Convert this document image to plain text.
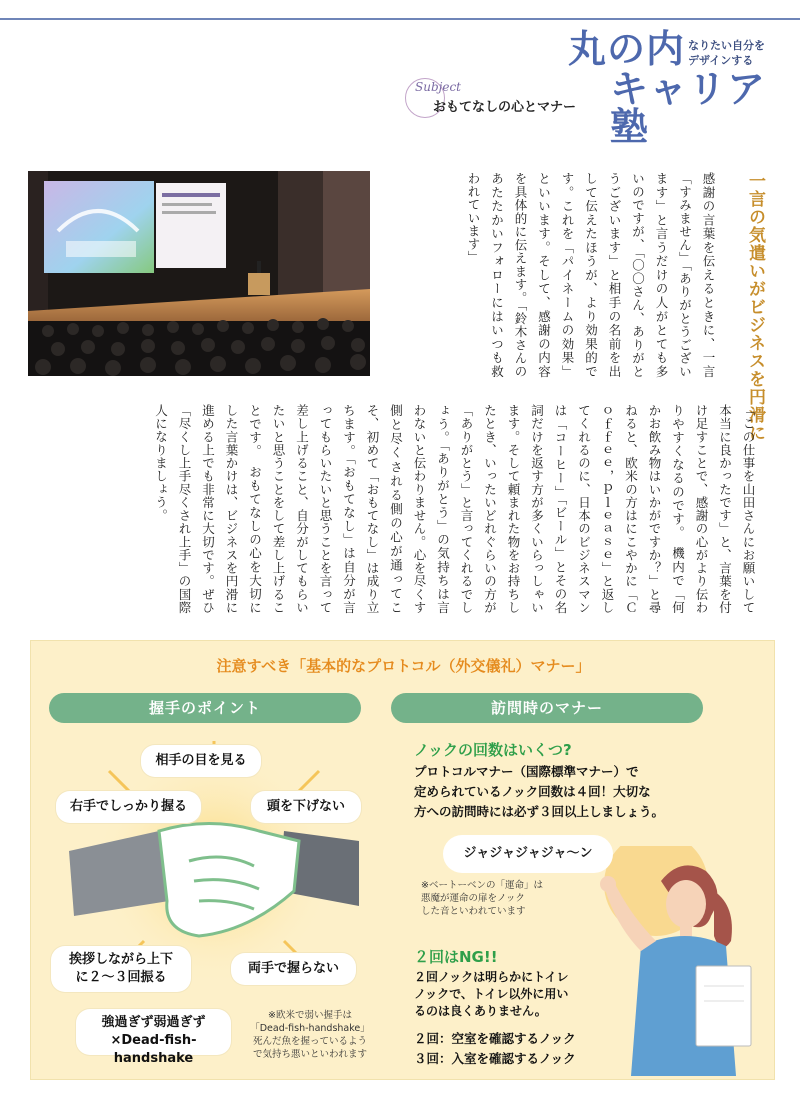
丸の内
キャリア塾
なりたい自分を
デザインする
Subject
おもてなしの心とマナー
一言の気遣いがビジネスを円滑に
感謝の言葉を伝えるときに、一言「すみません」「ありがとうございます」と言うだけの人がとても多いのですが、「〇〇さん、ありがとうございます」と相手の名前を出して伝えたほうが、より効果的です。これを「パイネームの効果」といいます。そして、感謝の内容を具体的に伝えます。「鈴木さんのあたたかいフォローにはいつも救われています」
「この仕事を山田さんにお願いして本当に良かったです」と、言葉を付け足すことで、感謝の心がより伝わりやすくなるのです。　機内で「何かお飲み物はいかがですか？」と尋ねると、欧米の方はにこやかに「Ｃｏｆｆｅｅ，ｐｌｅａｓｅ」と返してくれるのに、日本のビジネスマンは「コーヒー」「ビール」とその名詞だけを返す方が多くいらっしゃいます。そして頼まれた物をお持ちしたとき、いったいどれぐらいの方が「ありがとう」と言ってくれるでしょう。「ありがとう」の気持ちは言わないと伝わりません。心を尽くす側と尽くされる側の心が通ってこそ、初めて「おもてなし」は成り立ちます。「おもてなし」は自分が言ってもらいたいと思うことを言って差し上げること、自分がしてもらいたいと思うことをして差し上げることです。　おもてなしの心を大切にした言葉かけは、ビジネスを円滑に進める上でも非常に大切です。ぜひ「尽くし上手尽くされ上手」の国際人になりましょう。
注意すべき「基本的なプロトコル（外交儀礼）マナー」
握手のポイント	訪問時のマナー
相手の目を見る
右手でしっかり握る	頭を下げない
挨拶しながら上下
に２〜３回振る
両手で握らない
強過ぎず弱過ぎず
×Dead-fish-handshake
※欧米で弱い握手は
「Dead-fish-handshake」
死んだ魚を握っているよう
で気持ち悪いといわれます
ノックの回数はいくつ?
プロトコルマナー（国際標準マナー）で
定められているノック回数は４回！大切な
方への訪問時には必ず３回以上しましょう。
ジャジャジャジャ〜ン
※ベートーベンの「運命」は
悪魔が運命の扉をノック
した音といわれています
２回はNG!!
２回ノックは明らかにトイレ
ノックで、トイレ以外に用い
るのは良くありません。
２回：空室を確認するノック
３回：入室を確認するノック
